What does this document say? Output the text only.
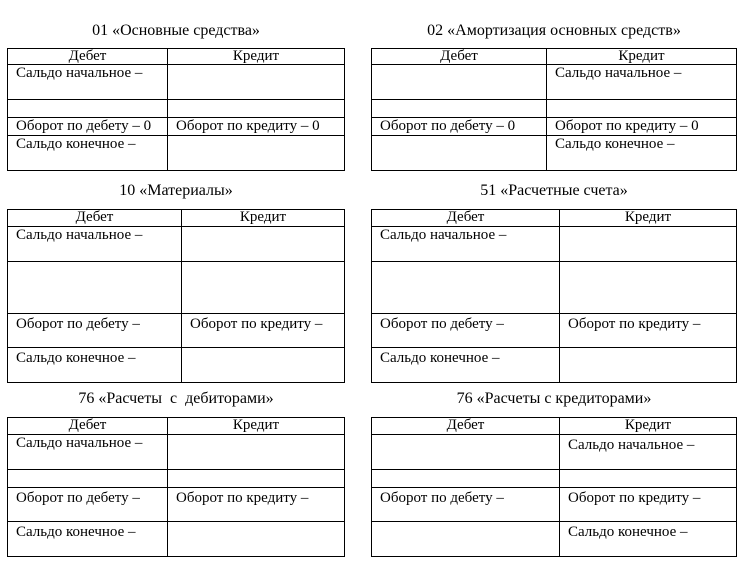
01 «Основные средства»
Дебет	Кредит
Сальдо начальное –	

Оборот по дебету – 0	Оборот по кредиту – 0
Сальдо конечное –	
02 «Амортизация основных средств»
Дебет	Кредит
	Сальдо начальное –

Оборот по дебету – 0	Оборот по кредиту – 0
	Сальдо конечное –
10 «Материалы»
Дебет	Кредит
Сальдо начальное –	

Оборот по дебету –	Оборот по кредиту –
Сальдо конечное –	
51 «Расчетные счета»
Дебет	Кредит
Сальдо начальное –	

Оборот по дебету –	Оборот по кредиту –
Сальдо конечное –	
76 «Расчеты  с  дебиторами»
Дебет	Кредит
Сальдо начальное –	

Оборот по дебету –	Оборот по кредиту –
Сальдо конечное –	
76 «Расчеты с кредиторами»
Дебет	Кредит
	Сальдо начальное –

Оборот по дебету –	Оборот по кредиту –
	Сальдо конечное –
